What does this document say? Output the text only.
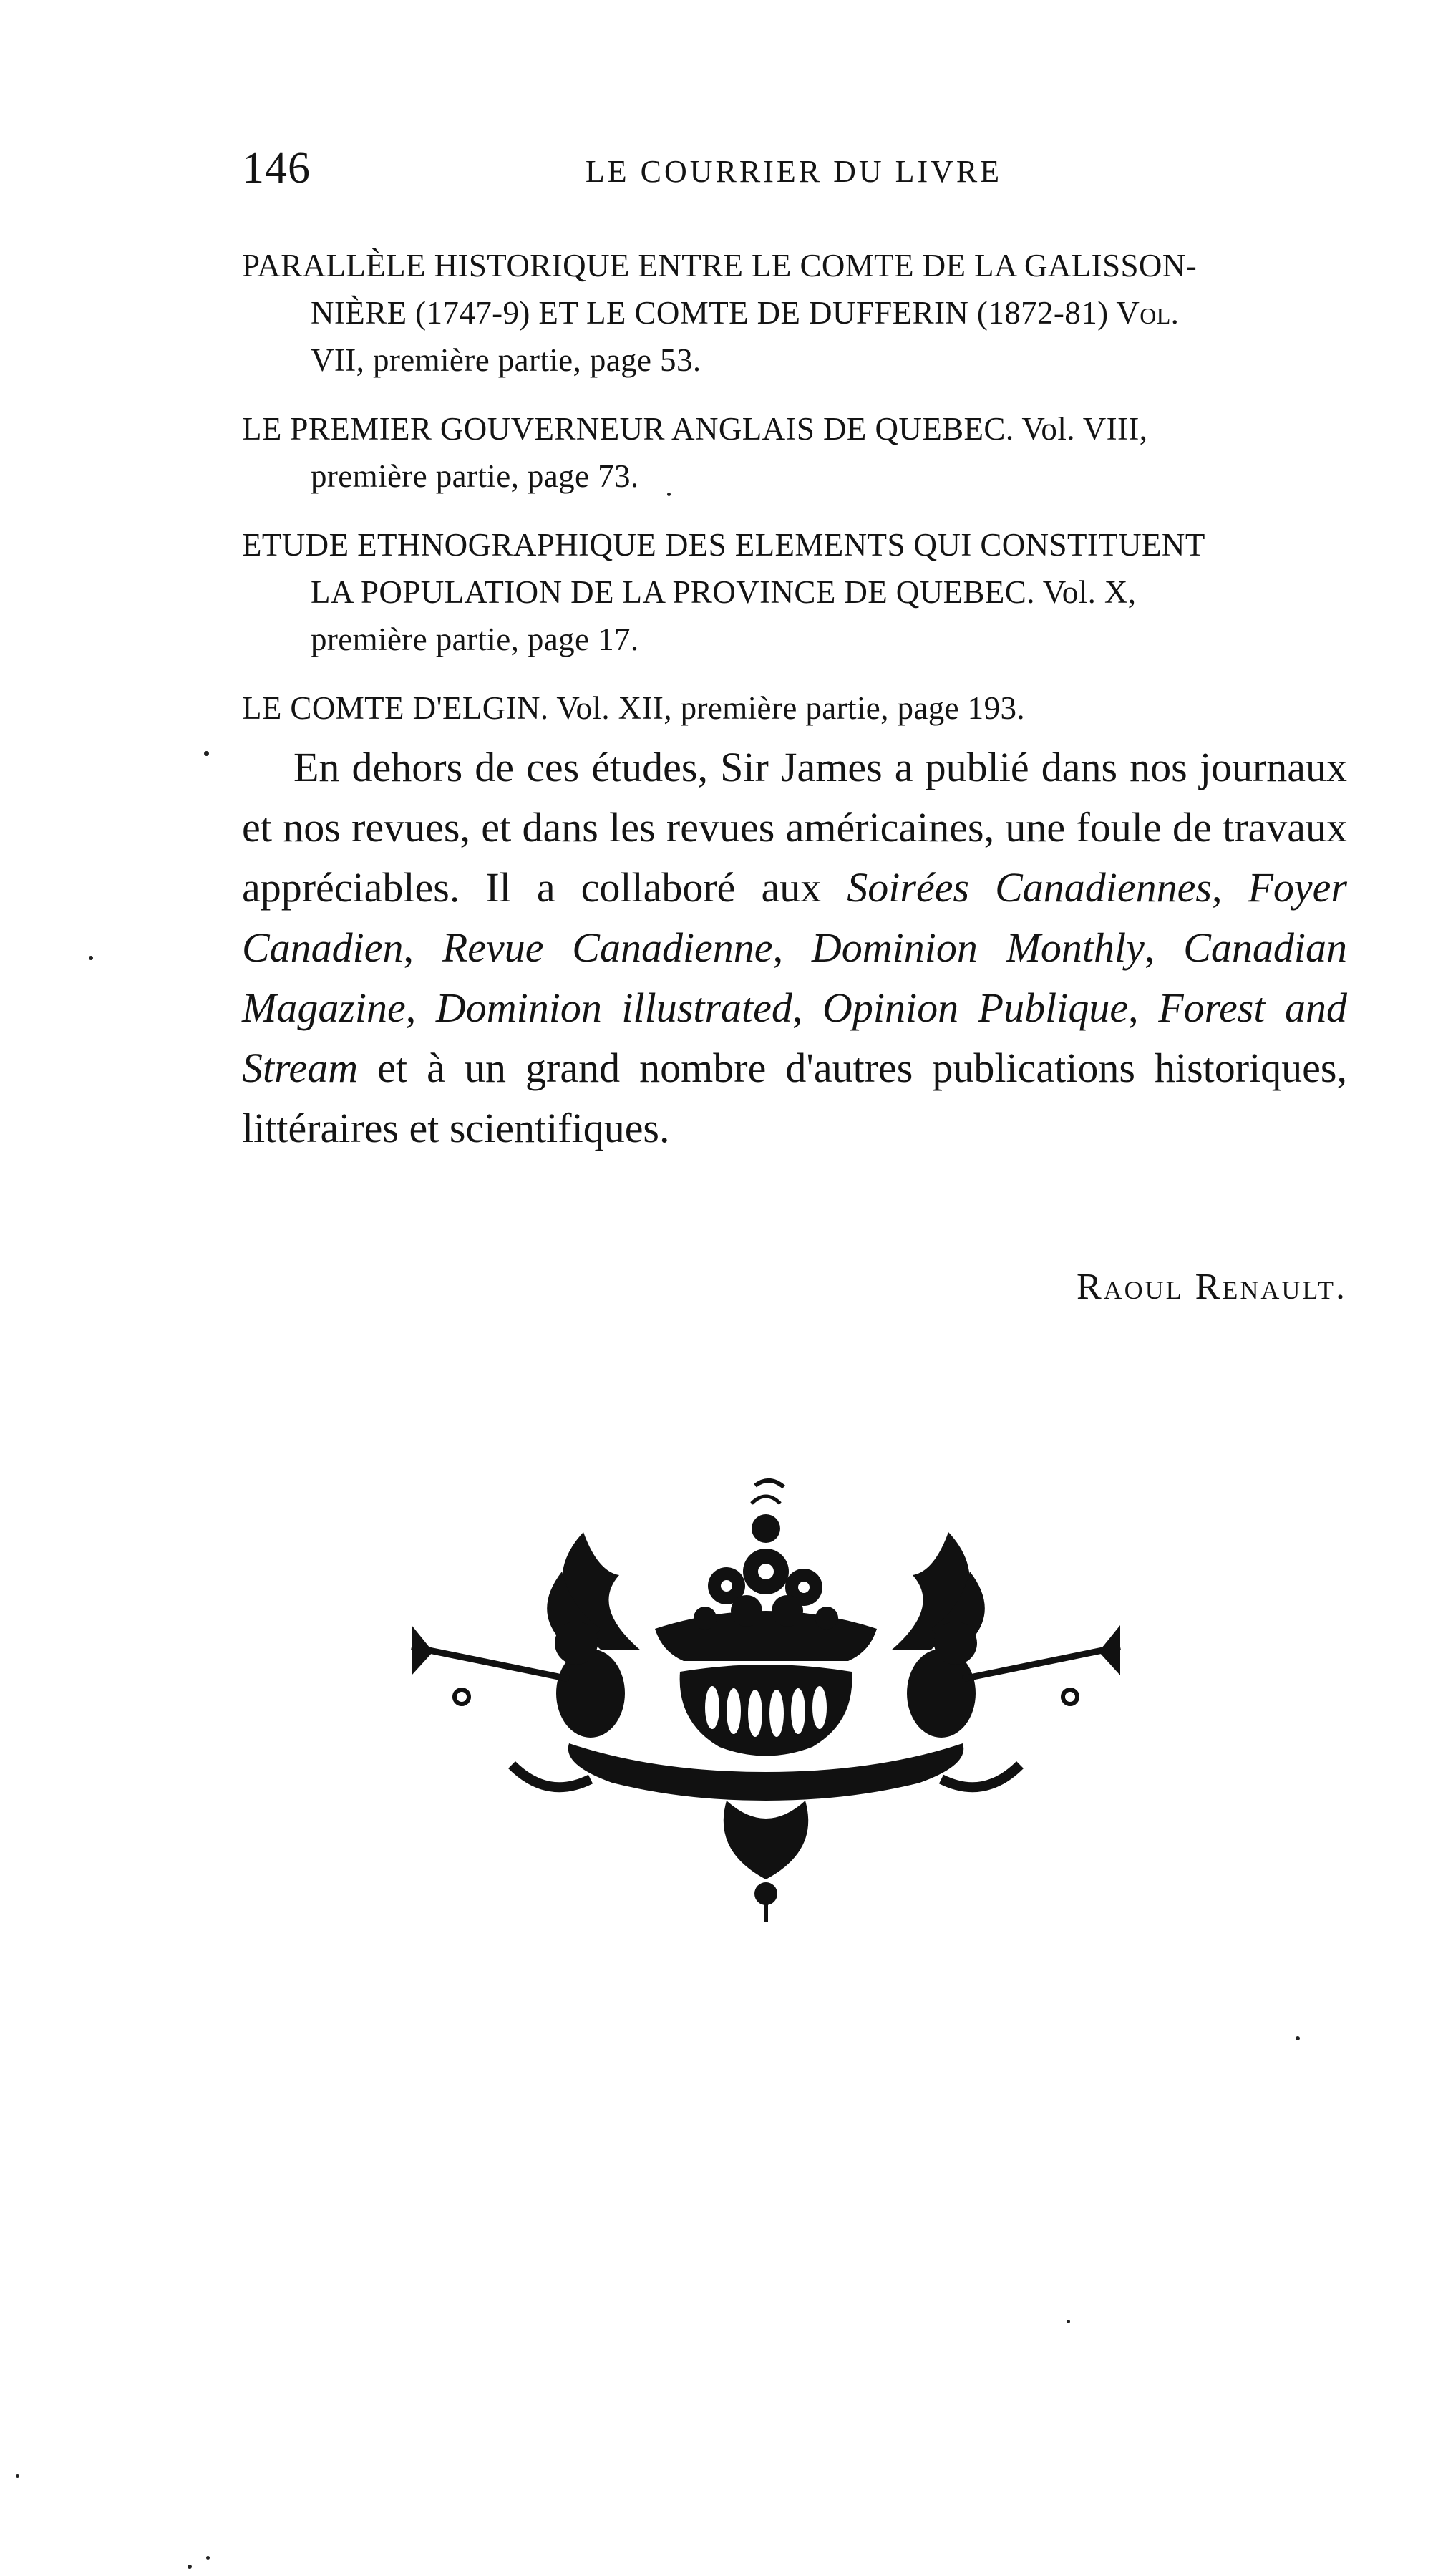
146	LE COURRIER DU LIVRE
PARALLÈLE HISTORIQUE ENTRE LE COMTE DE LA GALISSON-
NIÈRE (1747-9) ET LE COMTE DE DUFFERIN (1872-81) Vol.
VII, première partie, page 53.
LE PREMIER GOUVERNEUR ANGLAIS DE QUEBEC. Vol. VIII,
première partie, page 73.
ETUDE ETHNOGRAPHIQUE DES ELEMENTS QUI CONSTITUENT
LA POPULATION DE LA PROVINCE DE QUEBEC. Vol. X,
première partie, page 17.
LE COMTE D'ELGIN. Vol. XII, première partie, page 193.

En dehors de ces études, Sir James a publié dans nos journaux et nos revues, et dans les revues américaines, une foule de travaux appréciables. Il a collaboré aux Soirées Canadiennes, Foyer Canadien, Revue Canadienne, Dominion Monthly, Canadian Magazine, Dominion illustrated, Opinion Publique, Forest and Stream et à un grand nombre d'autres publications historiques, littéraires et scientifiques.

Raoul Renault.
